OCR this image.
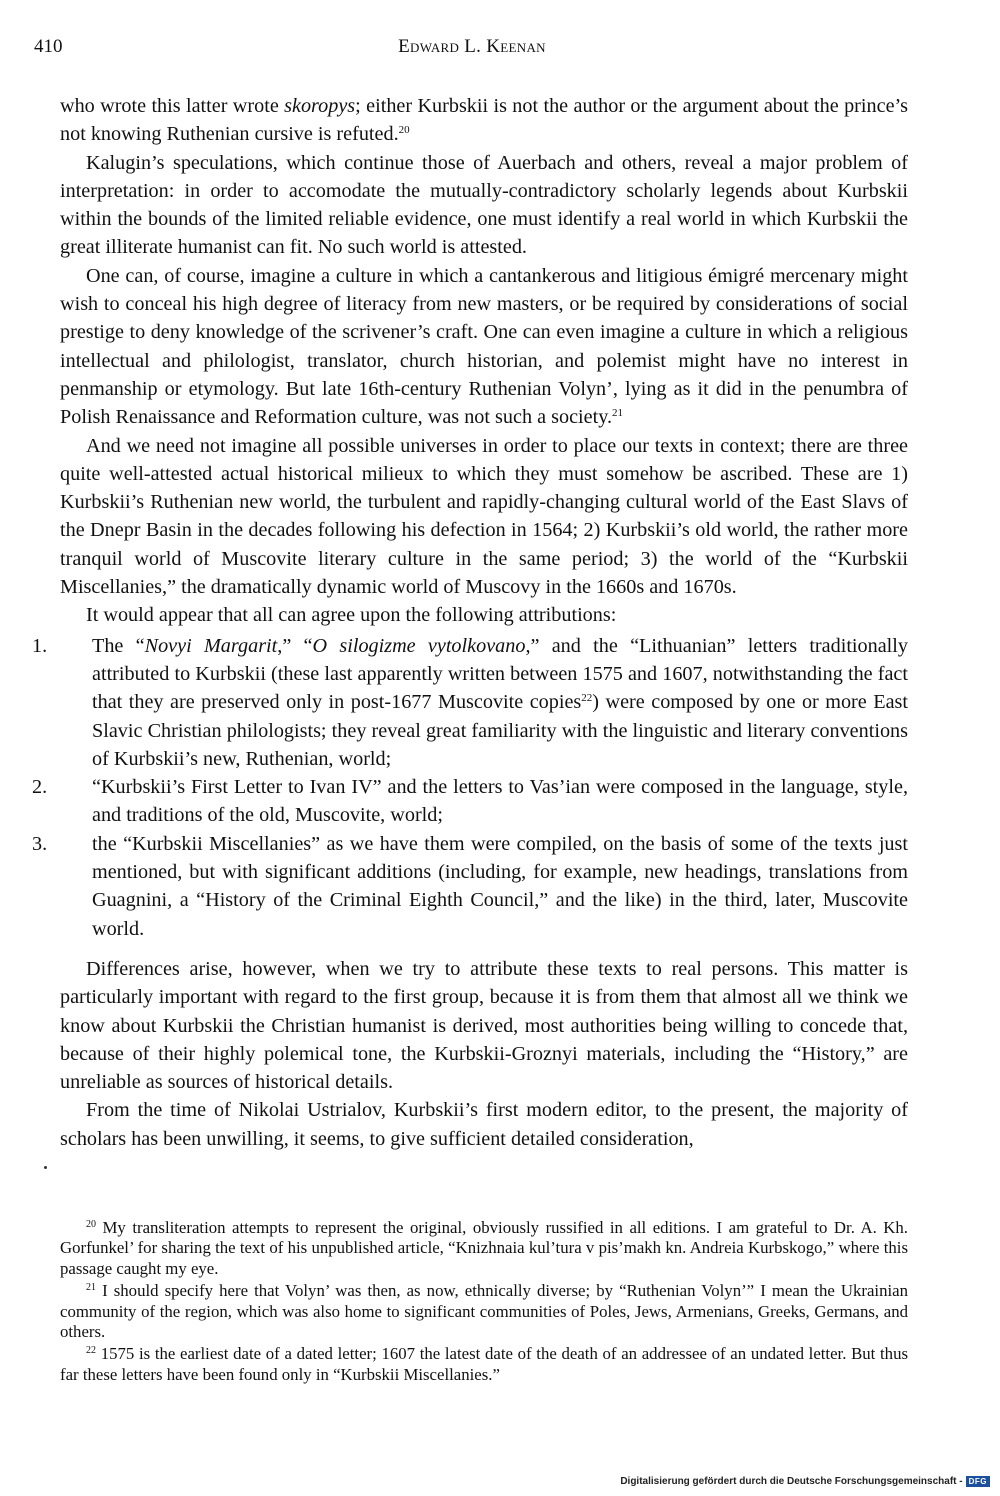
410	Edward L. Keenan

who wrote this latter wrote skoropys; either Kurbskii is not the author or the argument about the prince’s not knowing Ruthenian cursive is refuted.$^{20}$

Kalugin’s speculations, which continue those of Auerbach and others, reveal a major problem of interpretation: in order to accomodate the mutually-contradictory scholarly legends about Kurbskii within the bounds of the limited reliable evidence, one must identify a real world in which Kurbskii the great illiterate humanist can fit. No such world is attested.

One can, of course, imagine a culture in which a cantankerous and litigious émigré mercenary might wish to conceal his high degree of literacy from new masters, or be required by considerations of social prestige to deny knowledge of the scrivener’s craft. One can even imagine a culture in which a religious intellectual and philologist, translator, church historian, and polemist might have no interest in penmanship or etymology. But late 16th-century Ruthenian Volyn’, lying as it did in the penumbra of Polish Renaissance and Reformation culture, was not such a society.$^{21}$

And we need not imagine all possible universes in order to place our texts in context; there are three quite well-attested actual historical milieux to which they must somehow be ascribed. These are 1) Kurbskii’s Ruthenian new world, the turbulent and rapidly-changing cultural world of the East Slavs of the Dnepr Basin in the decades following his defection in 1564; 2) Kurbskii’s old world, the rather more tranquil world of Muscovite literary culture in the same period; 3) the world of the “Kurbskii Miscellanies,” the dramatically dynamic world of Muscovy in the 1660s and 1670s.

It would appear that all can agree upon the following attributions:

1. The “Novyi Margarit,” “O silogizme vytolkovano,” and the “Lithuanian” letters traditionally attributed to Kurbskii (these last apparently written between 1575 and 1607, notwithstanding the fact that they are preserved only in post-1677 Muscovite copies$^{22}$) were composed by one or more East Slavic Christian philologists; they reveal great familiarity with the linguistic and literary conventions of Kurbskii’s new, Ruthenian, world;
2. “Kurbskii’s First Letter to Ivan IV” and the letters to Vas’ian were composed in the language, style, and traditions of the old, Muscovite, world;
3. the “Kurbskii Miscellanies” as we have them were compiled, on the basis of some of the texts just mentioned, but with significant additions (including, for example, new headings, translations from Guagnini, a “History of the Criminal Eighth Council,” and the like) in the third, later, Muscovite world.

Differences arise, however, when we try to attribute these texts to real persons. This matter is particularly important with regard to the first group, because it is from them that almost all we think we know about Kurbskii the Christian humanist is derived, most authorities being willing to concede that, because of their highly polemical tone, the Kurbskii-Groznyi materials, including the “History,” are unreliable as sources of historical details.

From the time of Nikolai Ustrialov, Kurbskii’s first modern editor, to the present, the majority of scholars has been unwilling, it seems, to give sufficient detailed consideration,

$^{20}$ My transliteration attempts to represent the original, obviously russified in all editions. I am grateful to Dr. A. Kh. Gorfunkel’ for sharing the text of his unpublished article, “Knizhnaia kul’tura v pis’makh kn. Andreia Kurbskogo,” where this passage caught my eye.

$^{21}$ I should specify here that Volyn’ was then, as now, ethnically diverse; by “Ruthenian Volyn’” I mean the Ukrainian community of the region, which was also home to significant communities of Poles, Jews, Armenians, Greeks, Germans, and others.

$^{22}$ 1575 is the earliest date of a dated letter; 1607 the latest date of the death of an addressee of an undated letter. But thus far these letters have been found only in “Kurbskii Miscellanies.”

Digitalisierung gefördert durch die Deutsche Forschungsgemeinschaft - DFG
